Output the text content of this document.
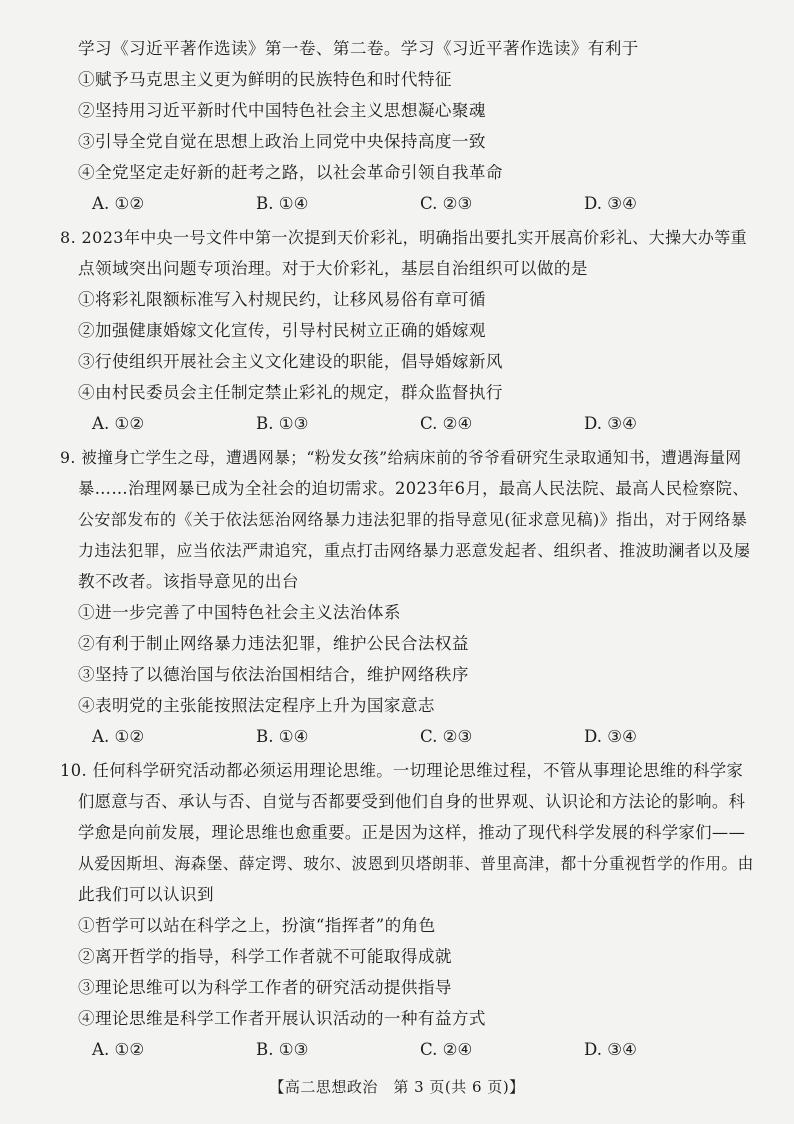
学习《习近平著作选读》第一卷、第二卷。学习《习近平著作选读》有利于
①赋予马克思主义更为鲜明的民族特色和时代特征
②坚持用习近平新时代中国特色社会主义思想凝心聚魂
③引导全党自觉在思想上政治上同党中央保持高度一致
④全党坚定走好新的赶考之路，以社会革命引领自我革命
A. ①②	B. ①④	C. ②③	D. ③④
8. 2023年中央一号文件中第一次提到天价彩礼，明确指出要扎实开展高价彩礼、大操大办等重
点领域突出问题专项治理。对于大价彩礼，基层自治组织可以做的是
①将彩礼限额标准写入村规民约，让移风易俗有章可循
②加强健康婚嫁文化宣传，引导村民树立正确的婚嫁观
③行使组织开展社会主义文化建设的职能，倡导婚嫁新风
④由村民委员会主任制定禁止彩礼的规定，群众监督执行
A. ①②	B. ①③	C. ②④	D. ③④
9. 被撞身亡学生之母，遭遇网暴；“粉发女孩”给病床前的爷爷看研究生录取通知书，遭遇海量网
暴……治理网暴已成为全社会的迫切需求。2023年6月，最高人民法院、最高人民检察院、
公安部发布的《关于依法惩治网络暴力违法犯罪的指导意见(征求意见稿)》指出，对于网络暴
力违法犯罪，应当依法严肃追究，重点打击网络暴力恶意发起者、组织者、推波助澜者以及屡
教不改者。该指导意见的出台
①进一步完善了中国特色社会主义法治体系
②有利于制止网络暴力违法犯罪，维护公民合法权益
③坚持了以德治国与依法治国相结合，维护网络秩序
④表明党的主张能按照法定程序上升为国家意志
A. ①②	B. ①④	C. ②③	D. ③④
10. 任何科学研究活动都必须运用理论思维。一切理论思维过程，不管从事理论思维的科学家
们愿意与否、承认与否、自觉与否都要受到他们自身的世界观、认识论和方法论的影响。科
学愈是向前发展，理论思维也愈重要。正是因为这样，推动了现代科学发展的科学家们——
从爱因斯坦、海森堡、薛定谔、玻尔、波恩到贝塔朗菲、普里高津，都十分重视哲学的作用。由
此我们可以认识到
①哲学可以站在科学之上，扮演“指挥者”的角色
②离开哲学的指导，科学工作者就不可能取得成就
③理论思维可以为科学工作者的研究活动提供指导
④理论思维是科学工作者开展认识活动的一种有益方式
A. ①②	B. ①③	C. ②④	D. ③④
【高二思想政治　第 3 页(共 6 页)】
